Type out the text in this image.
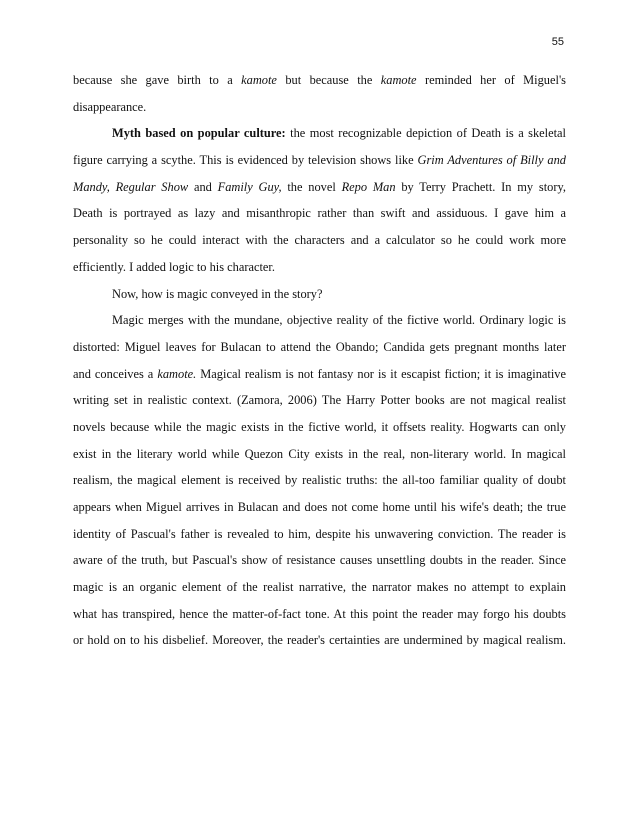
55
because she gave birth to a kamote but because the kamote reminded her of Miguel's
disappearance.
Myth based on popular culture: the most recognizable depiction of Death is a skeletal
figure carrying a scythe. This is evidenced by television shows like Grim Adventures of Billy and
Mandy, Regular Show and Family Guy, the novel Repo Man by Terry Prachett. In my story,
Death is portrayed as lazy and misanthropic rather than swift and assiduous. I gave him a
personality so he could interact with the characters and a calculator so he could work more
efficiently. I added logic to his character.
Now, how is magic conveyed in the story?
Magic merges with the mundane, objective reality of the fictive world. Ordinary logic is
distorted: Miguel leaves for Bulacan to attend the Obando; Candida gets pregnant months later
and conceives a kamote. Magical realism is not fantasy nor is it escapist fiction; it is imaginative
writing set in realistic context. (Zamora, 2006) The Harry Potter books are not magical realist
novels because while the magic exists in the fictive world, it offsets reality. Hogwarts can only
exist in the literary world while Quezon City exists in the real, non-literary world. In magical
realism, the magical element is received by realistic truths: the all-too familiar quality of doubt
appears when Miguel arrives in Bulacan and does not come home until his wife's death; the true
identity of Pascual's father is revealed to him, despite his unwavering conviction. The reader is
aware of the truth, but Pascual's show of resistance causes unsettling doubts in the reader. Since
magic is an organic element of the realist narrative, the narrator makes no attempt to explain
what has transpired, hence the matter-of-fact tone. At this point the reader may forgo his doubts
or hold on to his disbelief. Moreover, the reader's certainties are undermined by magical realism.
